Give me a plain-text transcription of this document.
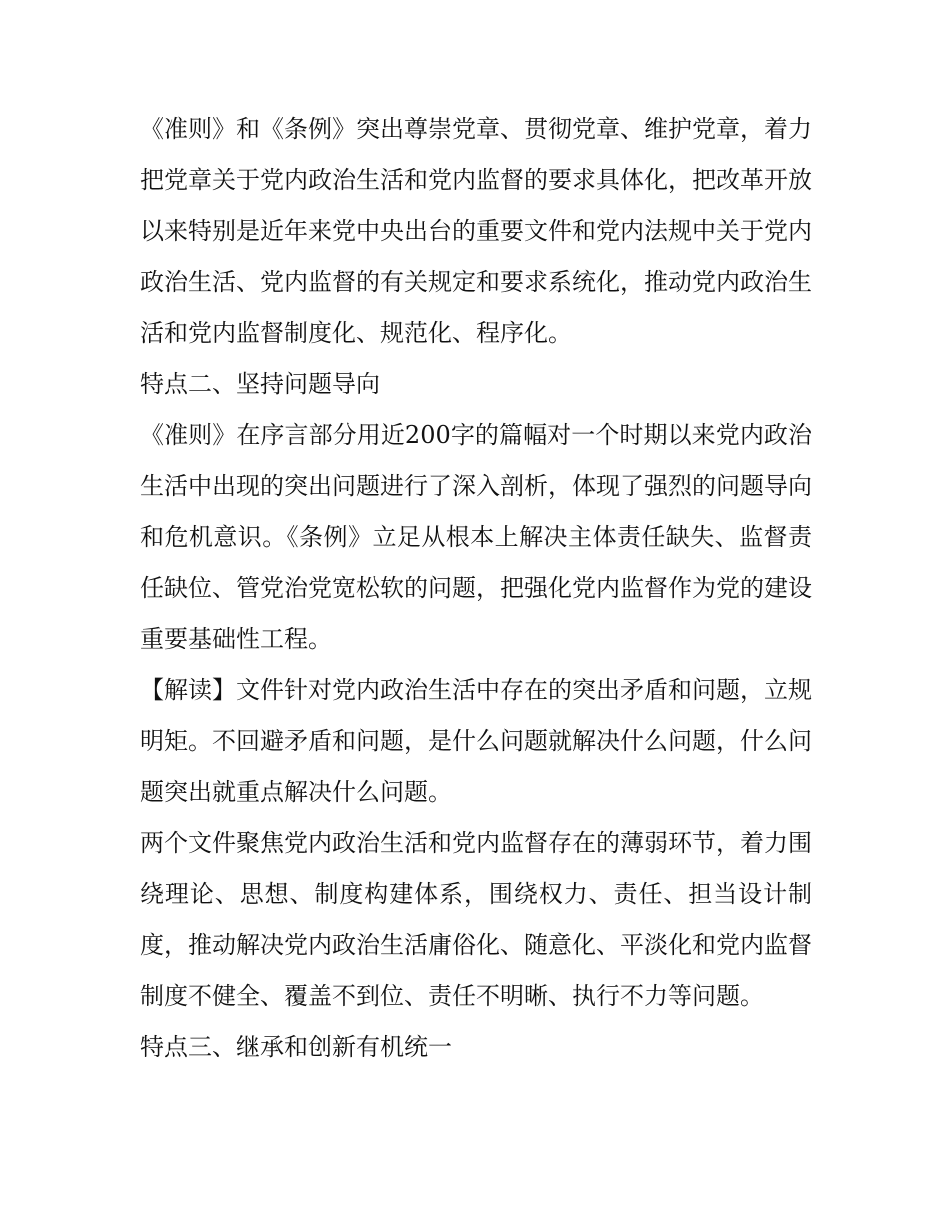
《准则》和《条例》突出尊崇党章、贯彻党章、维护党章，着力把党章关于党内政治生活和党内监督的要求具体化，把改革开放以来特别是近年来党中央出台的重要文件和党内法规中关于党内政治生活、党内监督的有关规定和要求系统化，推动党内政治生活和党内监督制度化、规范化、程序化。

特点二、坚持问题导向

《准则》在序言部分用近200字的篇幅对一个时期以来党内政治生活中出现的突出问题进行了深入剖析，体现了强烈的问题导向和危机意识。《条例》立足从根本上解决主体责任缺失、监督责任缺位、管党治党宽松软的问题，把强化党内监督作为党的建设重要基础性工程。

【解读】文件针对党内政治生活中存在的突出矛盾和问题，立规明矩。不回避矛盾和问题，是什么问题就解决什么问题，什么问题突出就重点解决什么问题。

两个文件聚焦党内政治生活和党内监督存在的薄弱环节，着力围绕理论、思想、制度构建体系，围绕权力、责任、担当设计制度，推动解决党内政治生活庸俗化、随意化、平淡化和党内监督制度不健全、覆盖不到位、责任不明晰、执行不力等问题。

特点三、继承和创新有机统一
